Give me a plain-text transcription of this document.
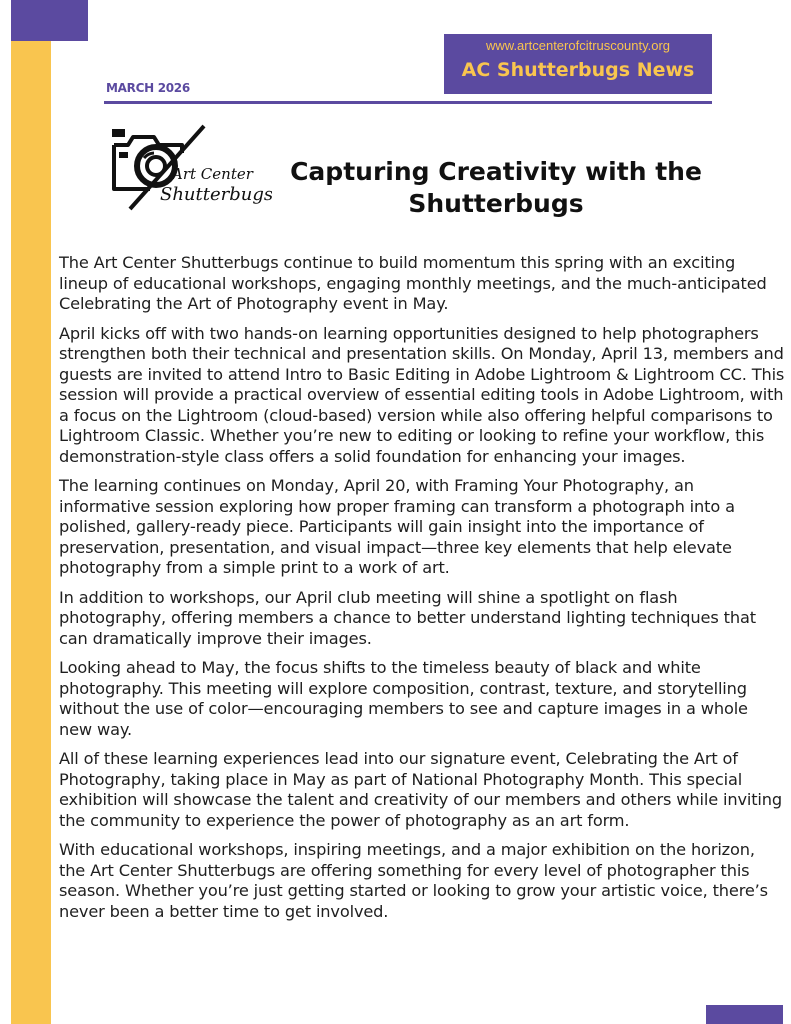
www.artcenterofcitruscounty.org
AC Shutterbugs News
MARCH 2026
Art Center
Shutterbugs
Capturing Creativity with the Shutterbugs

The Art Center Shutterbugs continue to build momentum this spring with an exciting lineup of educational workshops, engaging monthly meetings, and the much-anticipated Celebrating the Art of Photography event in May.

April kicks off with two hands-on learning opportunities designed to help photographers strengthen both their technical and presentation skills. On Monday, April 13, members and guests are invited to attend Intro to Basic Editing in Adobe Lightroom & Lightroom CC. This session will provide a practical overview of essential editing tools in Adobe Lightroom, with a focus on the Lightroom (cloud-based) version while also offering helpful comparisons to Lightroom Classic. Whether you’re new to editing or looking to refine your workflow, this demonstration-style class offers a solid foundation for enhancing your images.

The learning continues on Monday, April 20, with Framing Your Photography, an informative session exploring how proper framing can transform a photograph into a polished, gallery-ready piece. Participants will gain insight into the importance of preservation, presentation, and visual impact—three key elements that help elevate photography from a simple print to a work of art.

In addition to workshops, our April club meeting will shine a spotlight on flash photography, offering members a chance to better understand lighting techniques that can dramatically improve their images.

Looking ahead to May, the focus shifts to the timeless beauty of black and white photography. This meeting will explore composition, contrast, texture, and storytelling without the use of color—encouraging members to see and capture images in a whole new way.

All of these learning experiences lead into our signature event, Celebrating the Art of Photography, taking place in May as part of National Photography Month. This special exhibition will showcase the talent and creativity of our members and others while inviting the community to experience the power of photography as an art form.

With educational workshops, inspiring meetings, and a major exhibition on the horizon, the Art Center Shutterbugs are offering something for every level of photographer this season. Whether you’re just getting started or looking to grow your artistic voice, there’s never been a better time to get involved.
